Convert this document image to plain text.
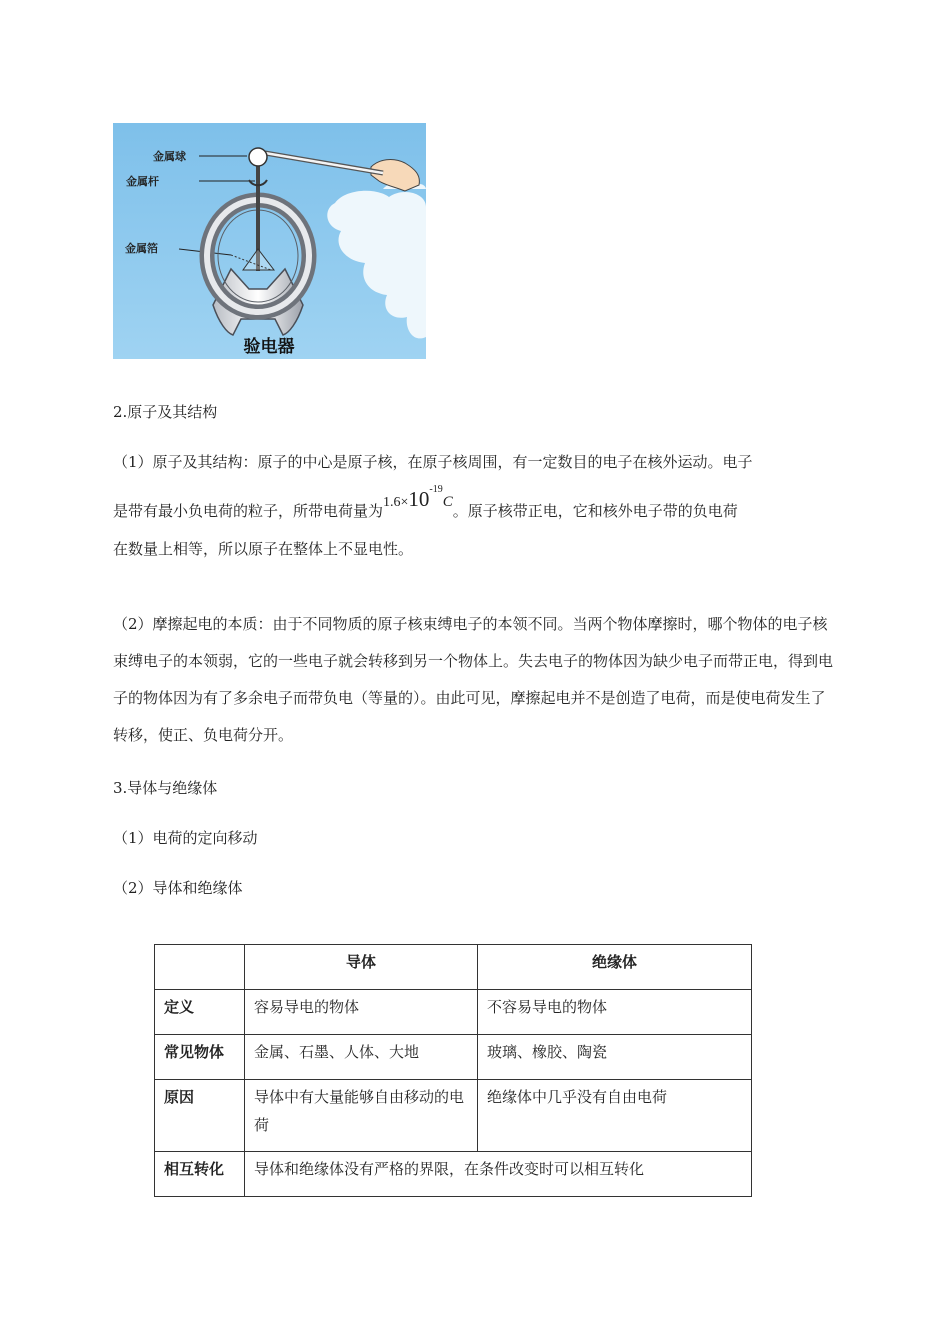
金属球
金属杆
金属箔
验电器

2.原子及其结构

（1）原子及其结构：原子的中心是原子核，在原子核周围，有一定数目的电子在核外运动。电子
是带有最小负电荷的粒子，所带电荷量为$1.6\times 10^{-19}C$。原子核带正电，它和核外电子带的负电荷
在数量上相等，所以原子在整体上不显电性。

（2）摩擦起电的本质：由于不同物质的原子核束缚电子的本领不同。当两个物体摩擦时，哪个物体的电子核束缚电子的本领弱，它的一些电子就会转移到另一个物体上。失去电子的物体因为缺少电子而带正电，得到电子的物体因为有了多余电子而带负电（等量的）。由此可见，摩擦起电并不是创造了电荷，而是使电荷发生了转移，使正、负电荷分开。

3.导体与绝缘体

（1）电荷的定向移动

（2）导体和绝缘体

	导体	绝缘体
定义	容易导电的物体	不容易导电的物体
常见物体	金属、石墨、人体、大地	玻璃、橡胶、陶瓷
原因	导体中有大量能够自由移动的电荷	绝缘体中几乎没有自由电荷
相互转化	导体和绝缘体没有严格的界限，在条件改变时可以相互转化	
